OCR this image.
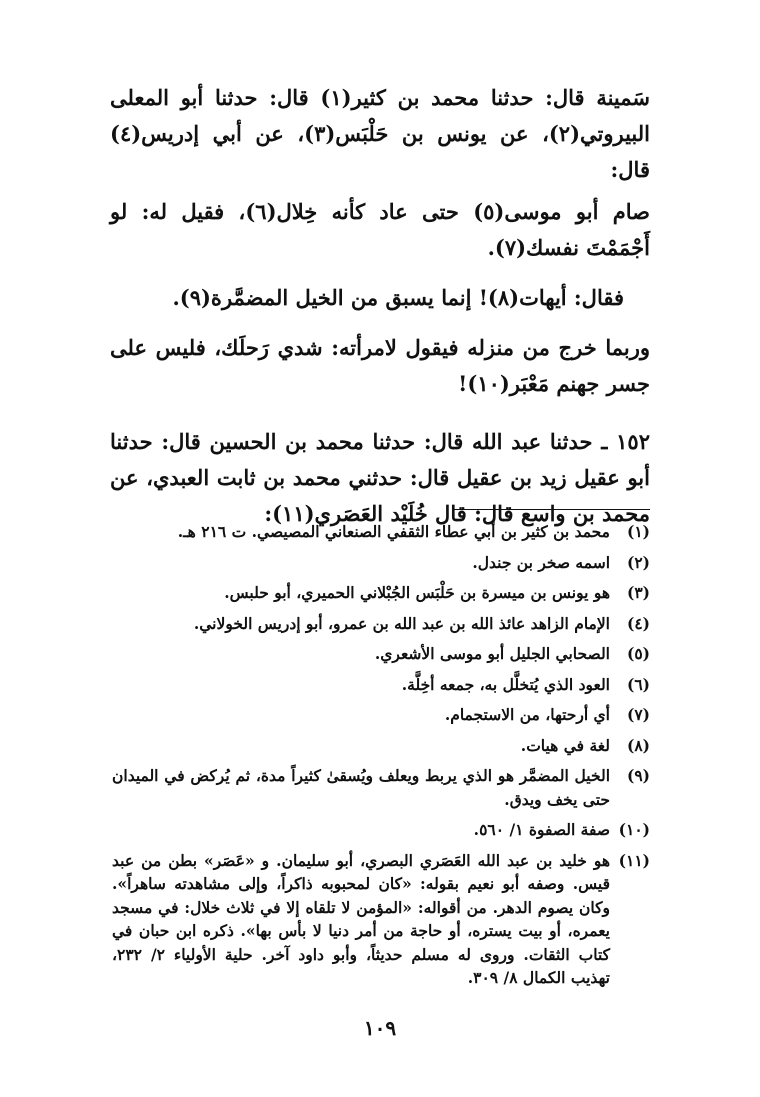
سَمينة قال: حدثنا محمد بن كثير(١) قال: حدثنا أبو المعلى البيروتي(٢)، عن يونس بن حَلْبَس(٣)، عن أبي إدريس(٤) قال:

صام أبو موسى(٥) حتى عاد كأنه خِلال(٦)، فقيل له: لو أَجْمَمْتَ نفسك(٧).

فقال: أيهات(٨)! إنما يسبق من الخيل المضمَّرة(٩).

وربما خرج من منزله فيقول لامرأته: شدي رَحلَك، فليس على جسر جهنم مَعْبَر(١٠)!

١٥٢ ـ حدثنا عبد الله قال: حدثنا محمد بن الحسين قال: حدثنا أبو عقيل زيد بن عقيل قال: حدثني محمد بن ثابت العبدي، عن محمد بن واسع قال: قال خُلَيْد العَصَري(١١):

(١)
محمد بن كثير بن أبي عطاء الثقفي الصنعاني المصيصي. ت ٢١٦ هـ.
(٢)
اسمه صخر بن جندل.
(٣)
هو يونس بن ميسرة بن حَلْبَس الجُبْلاني الحميري، أبو حلبس.
(٤)
الإمام الزاهد عائذ الله بن عبد الله بن عمرو، أبو إدريس الخولاني.
(٥)
الصحابي الجليل أبو موسى الأشعري.
(٦)
العود الذي يُتخلَّل به، جمعه أخِلَّة.
(٧)
أي أرحتها، من الاستجمام.
(٨)
لغة في هيات.
(٩)
الخيل المضمَّر هو الذي يربط ويعلف ويُسقىٰ كثيراً مدة، ثم يُركض في الميدان حتى يخف ويدق.
(١٠)
صفة الصفوة ١/ ٥٦٠.
(١١)
هو خليد بن عبد الله العَصَري البصري، أبو سليمان. و «عَصَر» بطن من عبد قيس. وصفه أبو نعيم بقوله: «كان لمحبوبه ذاكراً، وإلى مشاهدته ساهراً». وكان يصوم الدهر. من أقواله: «المؤمن لا تلقاه إلا في ثلاث خلال: في مسجد يعمره، أو بيت يستره، أو حاجة من أمر دنيا لا بأس بها». ذكره ابن حبان في كتاب الثقات. وروى له مسلم حديثاً، وأبو داود آخر. حلية الأولياء ٢/ ٢٣٢، تهذيب الكمال ٨/ ٣٠٩.
١٠٩
